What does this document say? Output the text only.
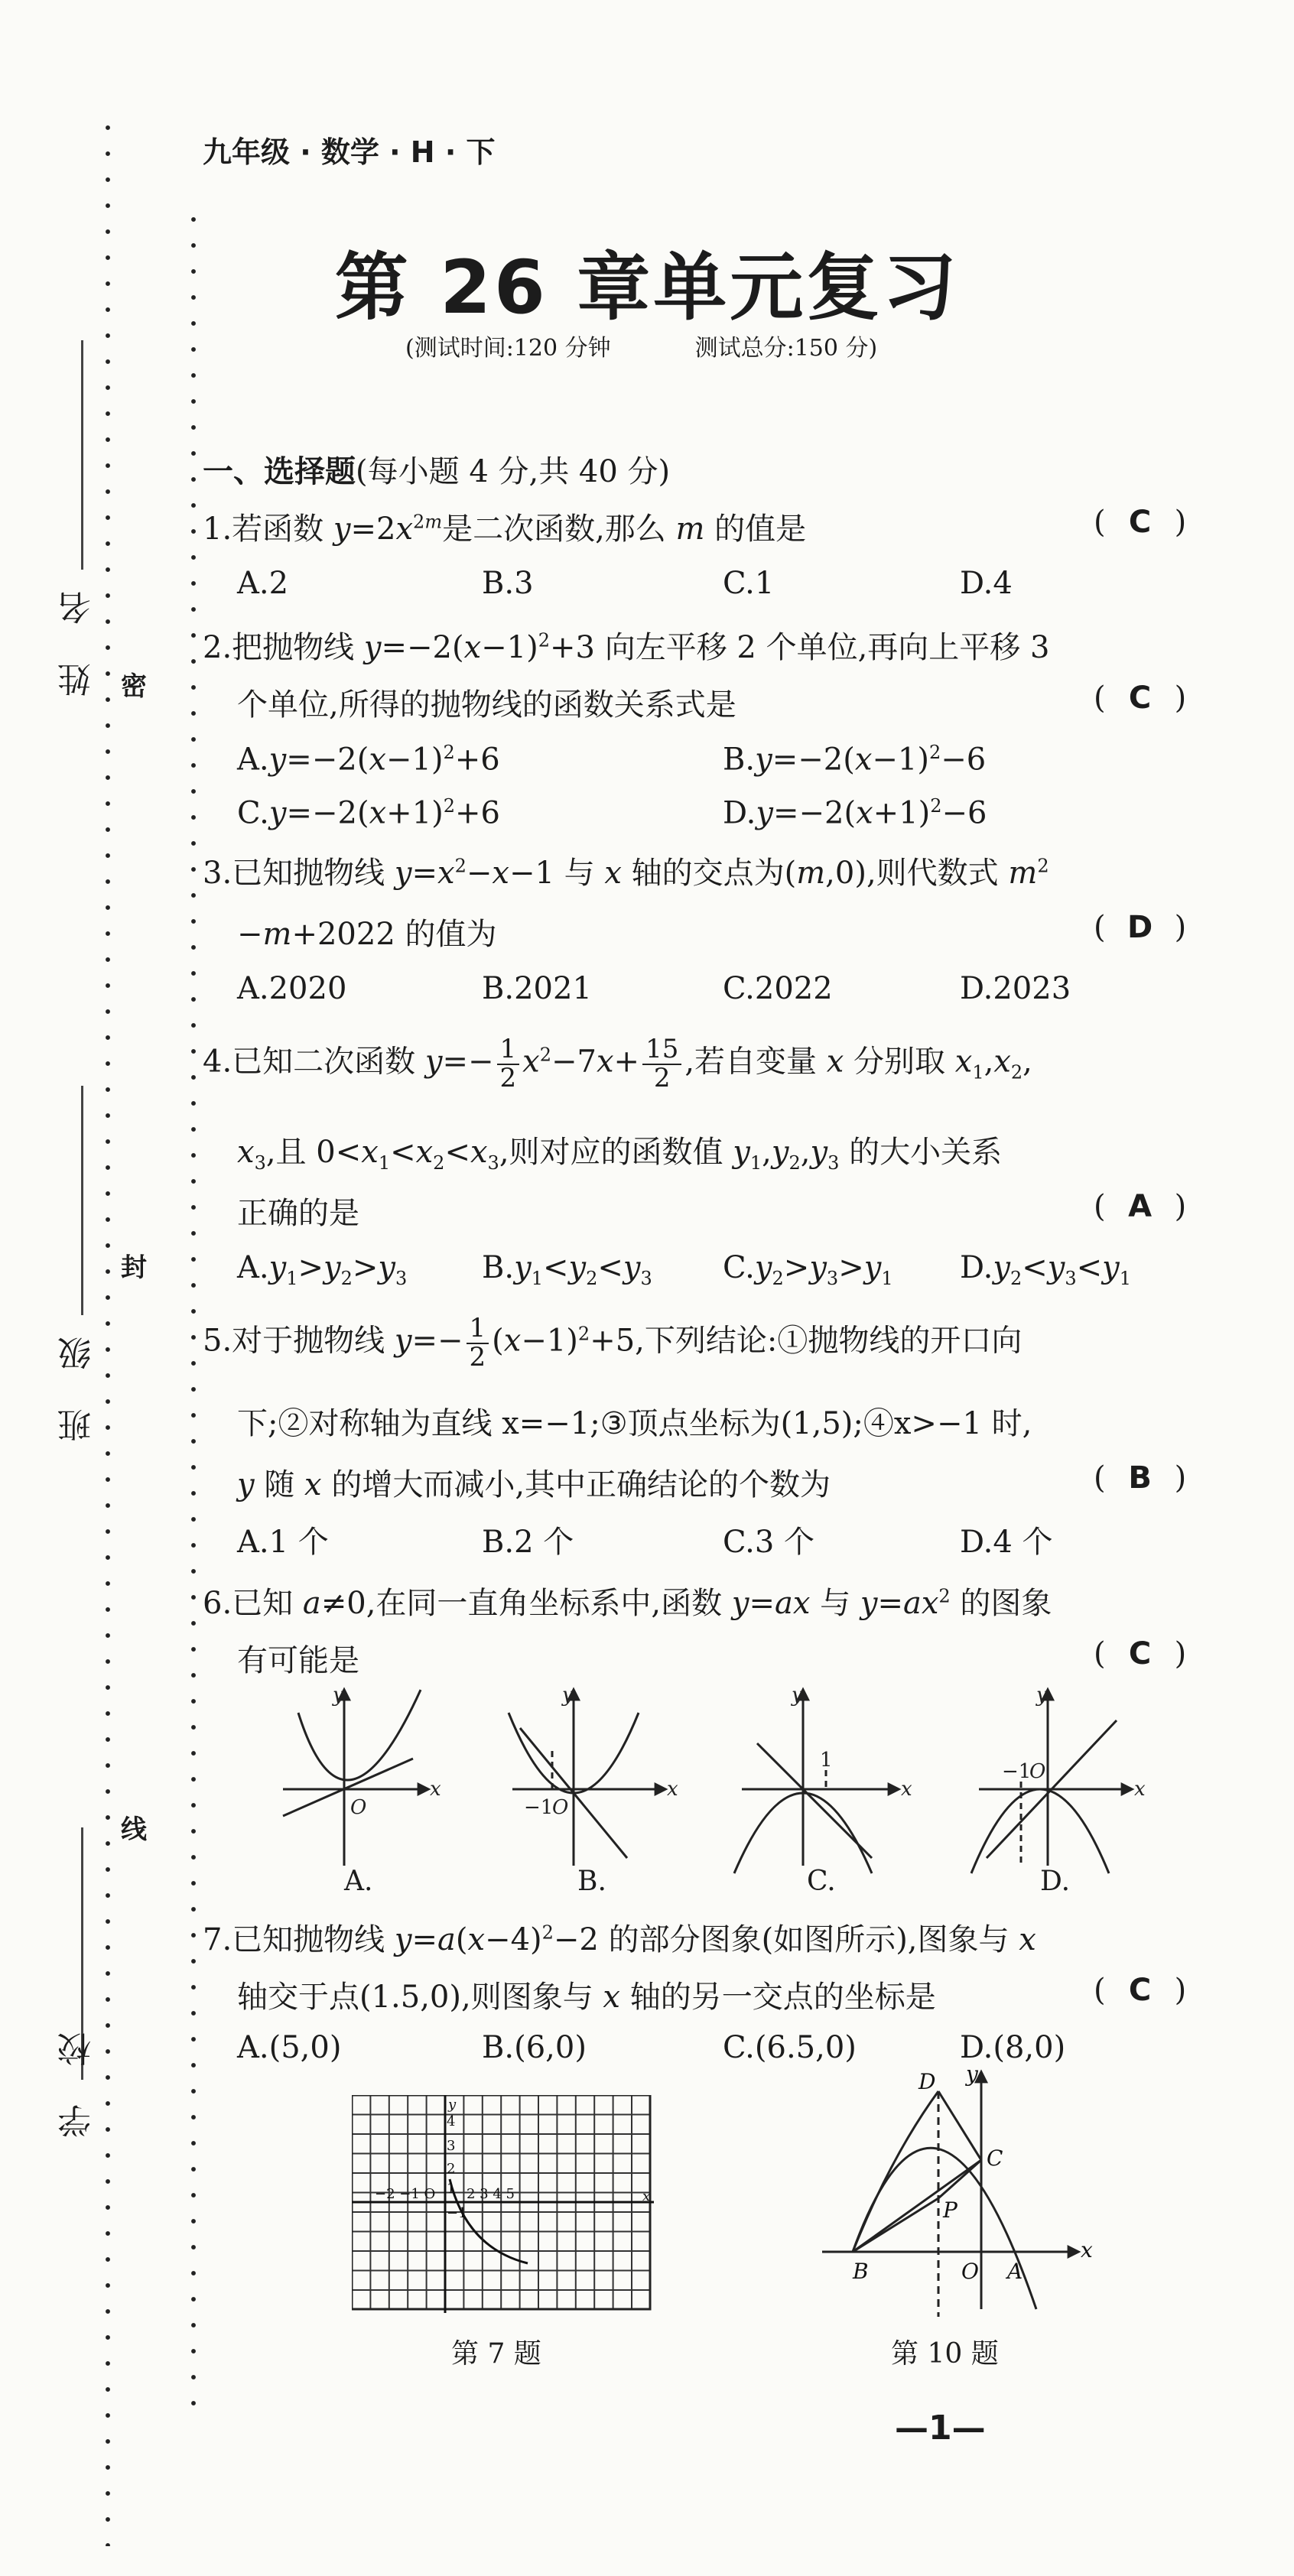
姓 名
班 级
学 校
密
封
线
九年级 · 数学 · H · 下
第 26 章单元复习
(测试时间:120 分钟	测试总分:150 分)
一、选择题(每小题 4 分,共 40 分)
1.若函数 $y=2x^{2m}$是二次函数,那么 m 的值是	( C )
A.2	B.3	C.1	D.4
2.把抛物线 $y=-2(x-1)^2+3$ 向左平移 2 个单位,再向上平移 3
个单位,所得的抛物线的函数关系式是	( C )
$A.y=-2(x-1)^2+6$	$B.y=-2(x-1)^2-6$
$C.y=-2(x+1)^2+6$	$D.y=-2(x+1)^2-6$
3.已知抛物线 $y=x^2-x-1$ 与 x 轴的交点为(m,0),则代数式 $m^2$
−m+2022 的值为	( D )
A.2020	B.2021	C.2022	D.2023
4.已知二次函数 $y=- \frac{1}{2} x^2-7x+ \frac{15}{2}$ ,若自变量 x 分别取 $x_1,x_2$,
$x_3$,且 $0<x_1<x_2<x_3$,则对应的函数值 $y_1,y_2,y_3$ 的大小关系
正确的是	( A )
$A.y_1>y_2>y_3$ $B.y_1<y_2<y_3$ $C.y_2>y_3>y_1$ $D.y_2<y_3<y_1$
5.对于抛物线 $y=- \frac{1}{2} (x-1)^2+5$,下列结论:①抛物线的开口向
下;②对称轴为直线 x=−1;③顶点坐标为(1,5);④x>−1 时,
y 随 x 的增大而减小,其中正确结论的个数为	( B )
A.1 个	B.2 个	C.3 个	D.4 个
6.已知 a≠0,在同一直角坐标系中,函数 y=ax 与 $y=ax^2$ 的图象
有可能是	( C )
y
x
O
y
x
−1
O
y
x
1
y
x
−1
O
A.	B.	C.	D.
7.已知抛物线 $y=a(x-4)^2-2$ 的部分图象(如图所示),图象与 x
轴交于点(1.5,0),则图象与 x 轴的另一交点的坐标是	( C )
A.(5,0)	B.(6,0)	C.(6.5,0)	D.(8,0)
y
x
4
3
2
1
−2 −1 O 2 3 4 5
−1
第 7 题
y
x
D
C
P
B	O A
第 10 题
—1—
